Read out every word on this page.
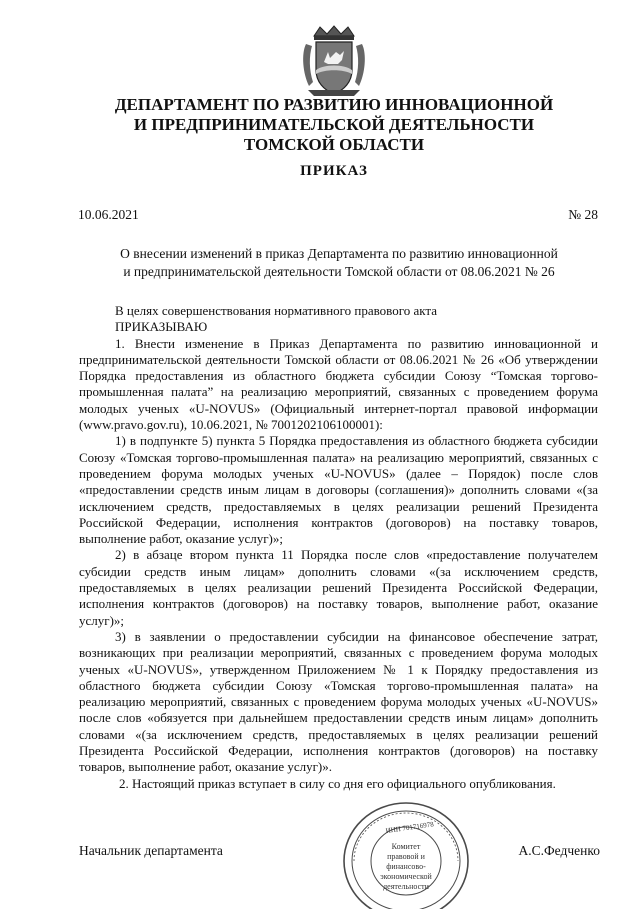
ДЕПАРТАМЕНТ ПО РАЗВИТИЮ ИННОВАЦИОННОЙ
И ПРЕДПРИНИМАТЕЛЬСКОЙ ДЕЯТЕЛЬНОСТИ
ТОМСКОЙ ОБЛАСТИ
ПРИКАЗ
10.06.2021	№ 28
О внесении изменений в приказ Департамента по развитию инновационной
и предпринимательской деятельности Томской области от 08.06.2021 № 26

В целях совершенствования нормативного правового акта

ПРИКАЗЫВАЮ

1. Внести изменение в Приказ Департамента по развитию инновационной и предпринимательской деятельности Томской области от 08.06.2021 № 26 «Об утверждении Порядка предоставления из областного бюджета субсидии Союзу “Томская торгово-промышленная палата” на реализацию мероприятий, связанных с проведением форума молодых ученых «U-NOVUS» (Официальный интернет-портал правовой информации (www.pravo.gov.ru), 10.06.2021, № 7001202106100001):

1) в подпункте 5) пункта 5 Порядка предоставления из областного бюджета субсидии Союзу «Томская торгово-промышленная палата» на реализацию мероприятий, связанных с проведением форума молодых ученых «U-NOVUS» (далее – Порядок) после слов «предоставлении средств иным лицам в договоры (соглашения)» дополнить словами «(за исключением средств, предоставляемых в целях реализации решений Президента Российской Федерации, исполнения контрактов (договоров) на поставку товаров, выполнение работ, оказание услуг)»;

2) в абзаце втором пункта 11 Порядка после слов «предоставление получателем субсидии средств иным лицам» дополнить словами «(за исключением средств, предоставляемых в целях реализации решений Президента Российской Федерации, исполнения контрактов (договоров) на поставку товаров, выполнение работ, оказание услуг)»;

3) в заявлении о предоставлении субсидии на финансовое обеспечение затрат, возникающих при реализации мероприятий, связанных с проведением форума молодых ученых «U-NOVUS», утвержденном Приложением № 1 к Порядку предоставления из областного бюджета субсидии Союзу «Томская торгово-промышленная палата» на реализацию мероприятий, связанных с проведением форума молодых ученых «U-NOVUS» после слов «обязуется при дальнейшем предоставлении средств иным лицам» дополнить словами «(за исключением средств, предоставляемых в целях реализации решений Президента Российской Федерации, исполнения контрактов (договоров) на поставку товаров, выполнение работ, оказание услуг)».

2. Настоящий приказ вступает в силу со дня его официального опубликования.

ИНН 701716978
Комитет
правовой и
финансово-
экономической
деятельности
Начальник департамента	А.С.Федченко
